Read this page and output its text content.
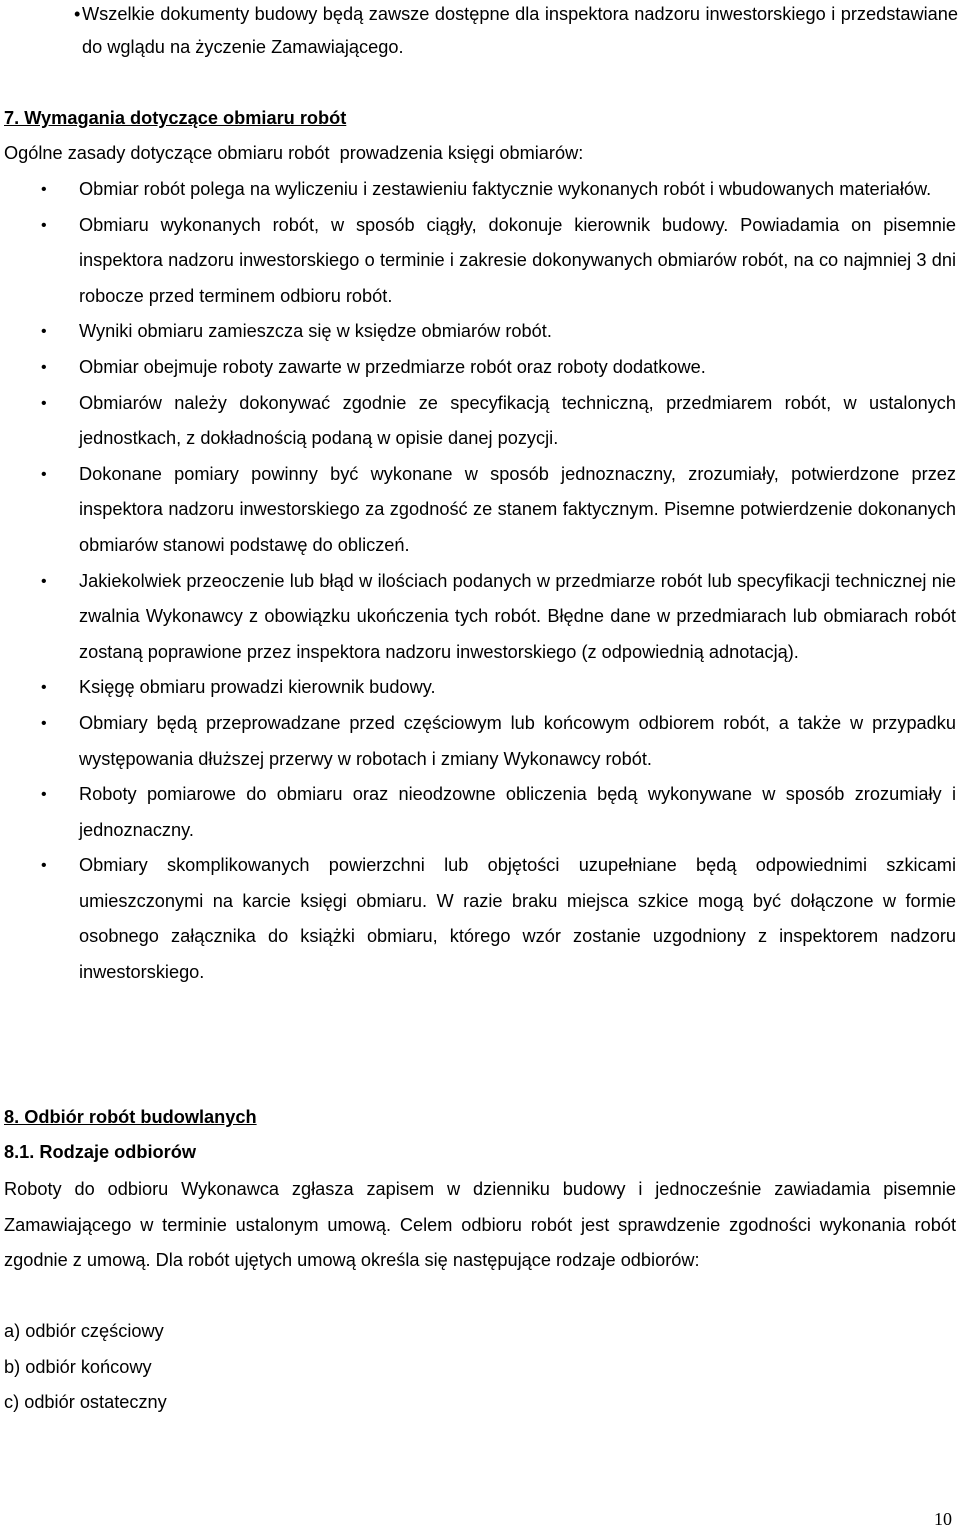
• Wszelkie dokumenty budowy będą zawsze dostępne dla inspektora nadzoru inwestorskiego i przedstawiane do wglądu na życzenie Zamawiającego.
7. Wymagania dotyczące obmiaru robót
Ogólne zasady dotyczące obmiaru robót  prowadzenia księgi obmiarów:
• Obmiar robót polega na wyliczeniu i zestawieniu faktycznie wykonanych robót i wbudowanych materiałów.
• Obmiaru wykonanych robót, w sposób ciągły, dokonuje kierownik budowy. Powiadamia on pisemnie inspektora nadzoru inwestorskiego o terminie i zakresie dokonywanych obmiarów robót, na co najmniej 3 dni robocze przed terminem odbioru robót.
• Wyniki obmiaru zamieszcza się w księdze obmiarów robót.
• Obmiar obejmuje roboty zawarte w przedmiarze robót oraz roboty dodatkowe.
• Obmiarów należy dokonywać zgodnie ze specyfikacją techniczną, przedmiarem robót, w ustalonych jednostkach, z dokładnością podaną w opisie danej pozycji.
• Dokonane pomiary powinny być wykonane w sposób jednoznaczny, zrozumiały, potwierdzone przez inspektora nadzoru inwestorskiego za zgodność ze stanem faktycznym. Pisemne potwierdzenie dokonanych obmiarów stanowi podstawę do obliczeń.
• Jakiekolwiek przeoczenie lub błąd w ilościach podanych w przedmiarze robót lub specyfikacji technicznej nie zwalnia Wykonawcy z obowiązku ukończenia tych robót. Błędne dane w przedmiarach lub obmiarach robót zostaną poprawione przez inspektora nadzoru inwestorskiego (z odpowiednią adnotacją).
• Księgę obmiaru prowadzi kierownik budowy.
• Obmiary będą przeprowadzane przed częściowym lub końcowym odbiorem robót, a także w przypadku występowania dłuższej przerwy w robotach i zmiany Wykonawcy robót.
• Roboty pomiarowe do obmiaru oraz nieodzowne obliczenia będą wykonywane w sposób zrozumiały i jednoznaczny.
• Obmiary skomplikowanych powierzchni lub objętości uzupełniane będą odpowiednimi szkicami umieszczonymi na karcie księgi obmiaru. W razie braku miejsca szkice mogą być dołączone w formie osobnego załącznika do książki obmiaru, którego wzór zostanie uzgodniony z inspektorem nadzoru inwestorskiego.
8. Odbiór robót budowlanych
8.1. Rodzaje odbiorów

Roboty do odbioru Wykonawca zgłasza zapisem w dzienniku budowy i jednocześnie zawiadamia pisemnie Zamawiającego w terminie ustalonym umową. Celem odbioru robót jest sprawdzenie zgodności wykonania robót zgodnie z umową. Dla robót ujętych umową określa się następujące rodzaje odbiorów:

a) odbiór częściowy
b) odbiór końcowy
c) odbiór ostateczny
10
